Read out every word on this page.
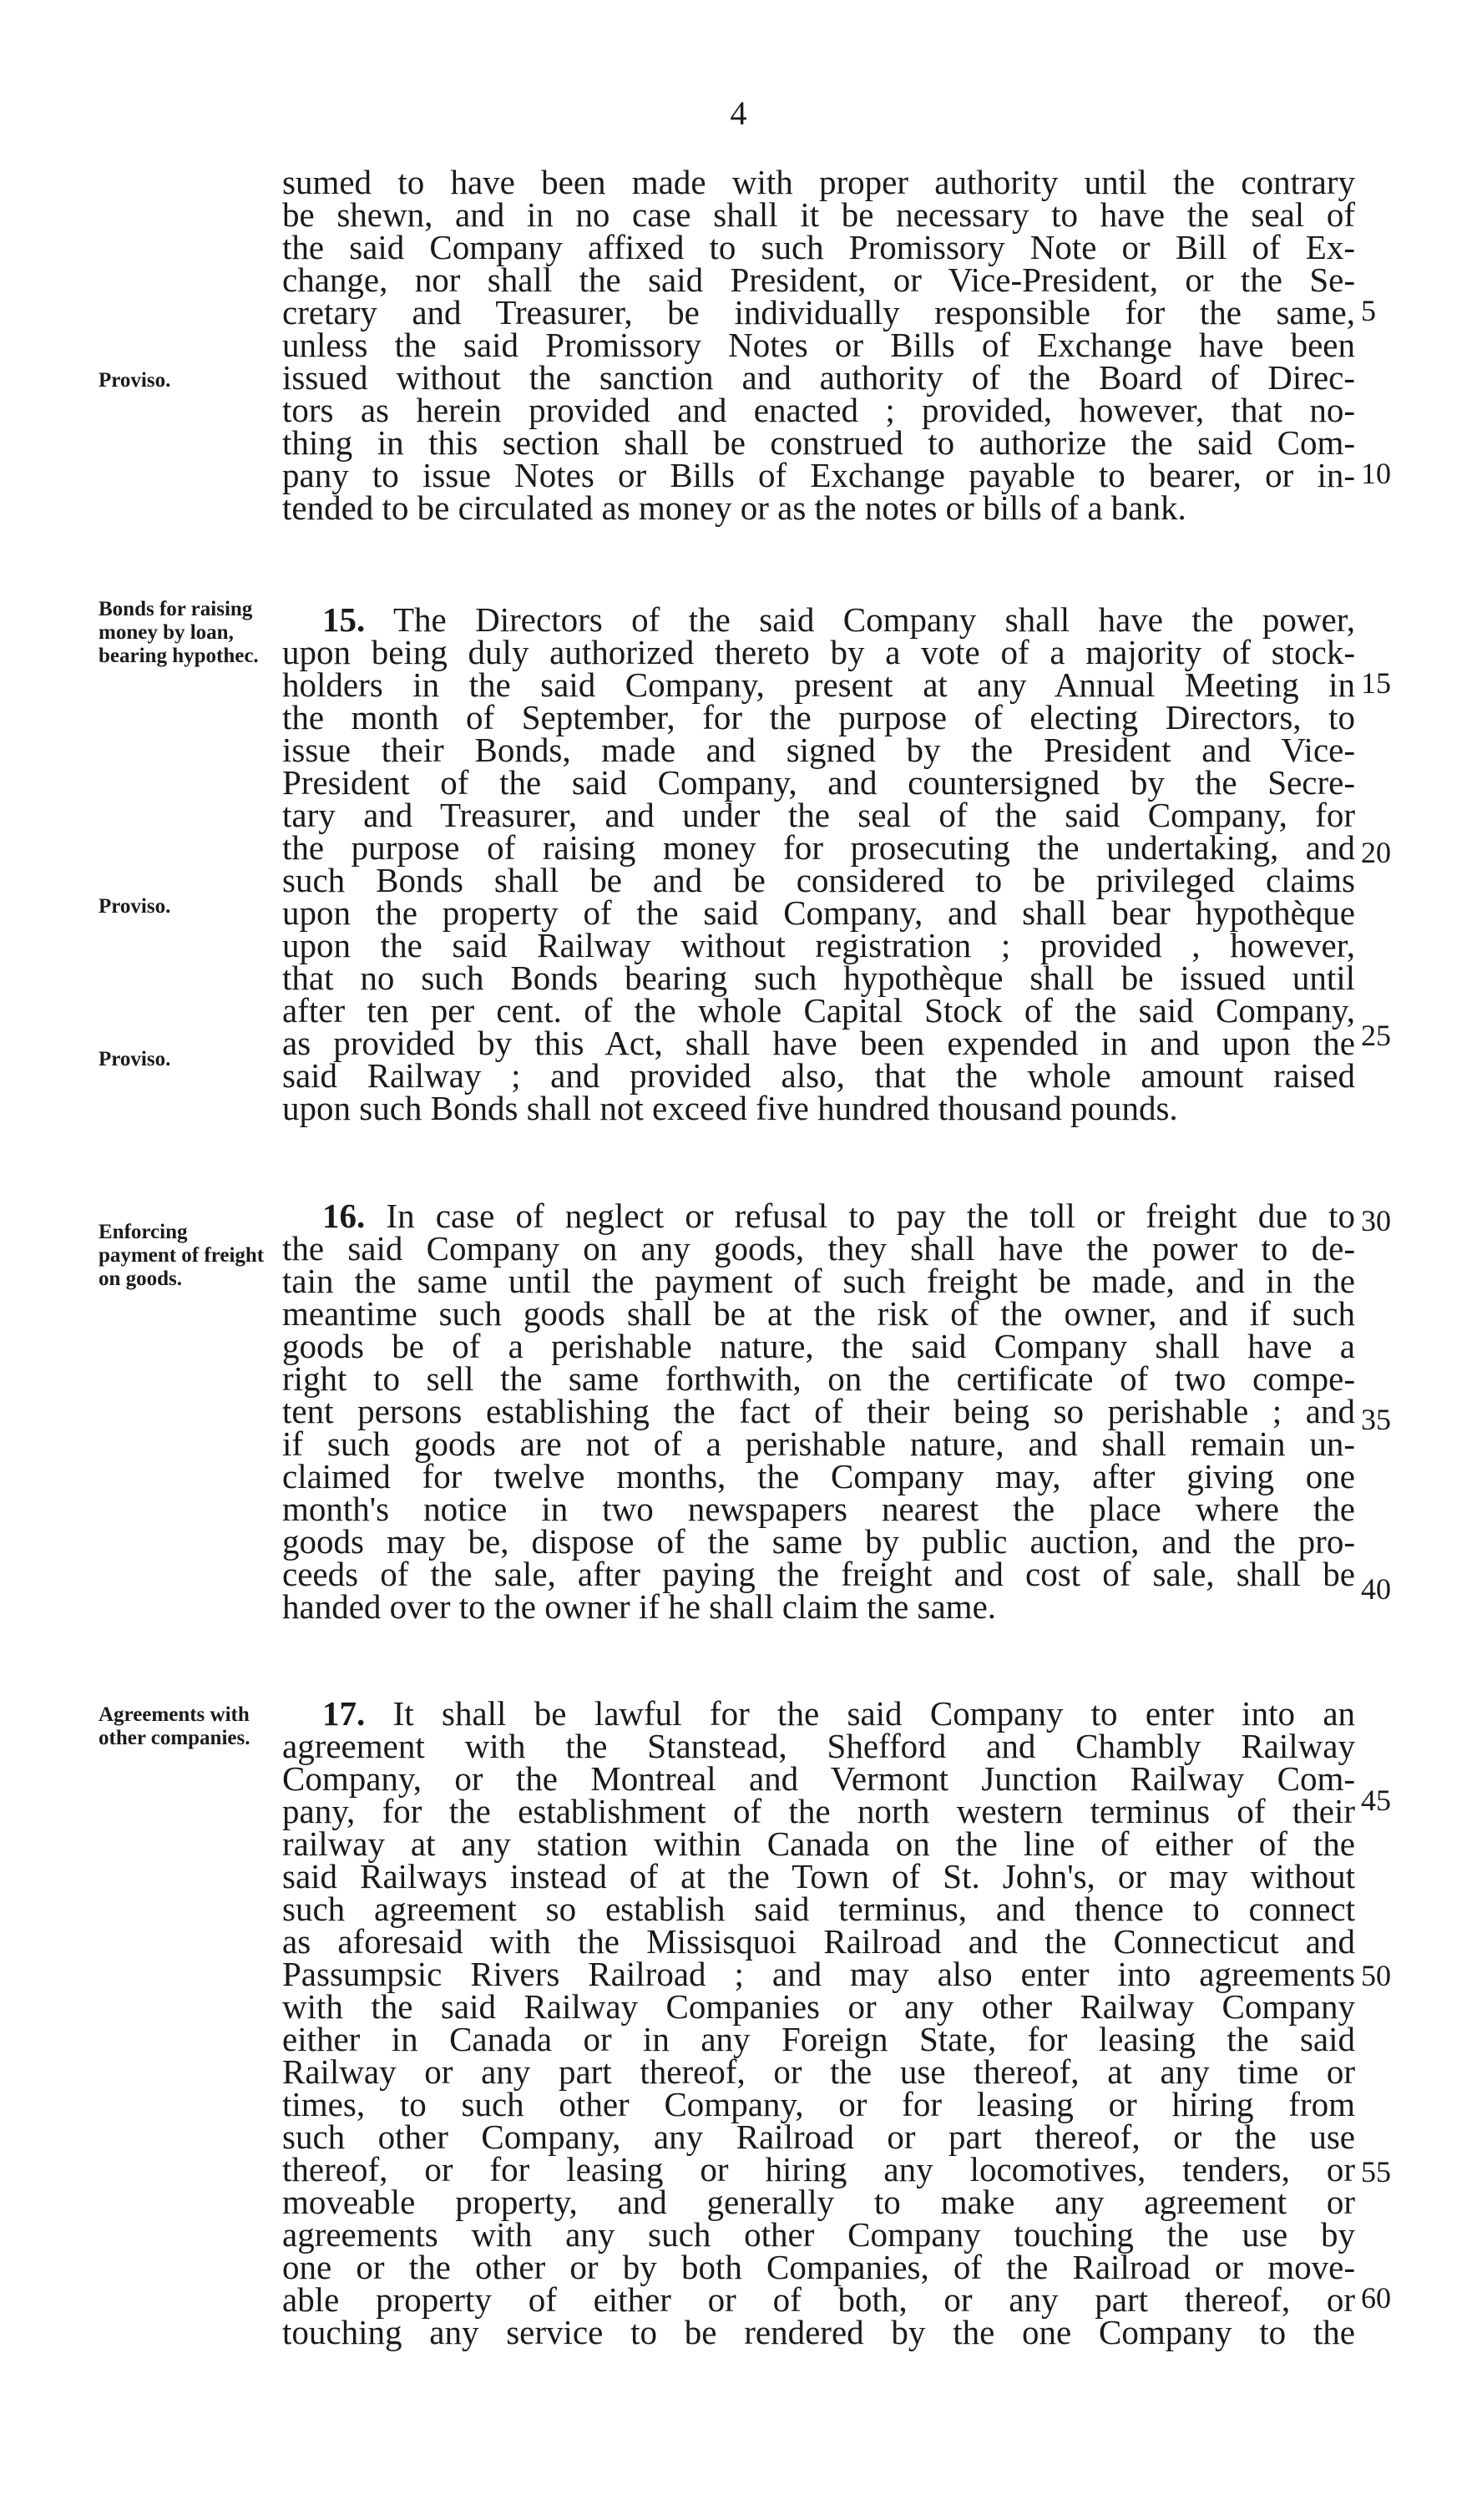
4
sumed to have been made with proper authority until the contrary
be shewn, and in no case shall it be necessary to have the seal of
the said Company affixed to such Promissory Note or Bill of Ex-
change, nor shall the said President, or Vice-President, or the Se-
cretary and Treasurer, be individually responsible for the same,
unless the said Promissory Notes or Bills of Exchange have been
issued without the sanction and authority of the Board of Direc-
tors as herein provided and enacted ; provided, however, that no-
thing in this section shall be construed to authorize the said Com-
pany to issue Notes or Bills of Exchange payable to bearer, or in-
tended to be circulated as money or as the notes or bills of a bank.
15. The Directors of the said Company shall have the power,
upon being duly authorized thereto by a vote of a majority of stock-
holders in the said Company, present at any Annual Meeting in
the month of September, for the purpose of electing Directors, to
issue their Bonds, made and signed by the President and Vice-
President of the said Company, and countersigned by the Secre-
tary and Treasurer, and under the seal of the said Company, for
the purpose of raising money for prosecuting the undertaking, and
such Bonds shall be and be considered to be privileged claims
upon the property of the said Company, and shall bear hypothèque
upon the said Railway without registration ; provided , however,
that no such Bonds bearing such hypothèque shall be issued until
after ten per cent. of the whole Capital Stock of the said Company,
as provided by this Act, shall have been expended in and upon the
said Railway ; and provided also, that the whole amount raised
upon such Bonds shall not exceed five hundred thousand pounds.
16. In case of neglect or refusal to pay the toll or freight due to
the said Company on any goods, they shall have the power to de-
tain the same until the payment of such freight be made, and in the
meantime such goods shall be at the risk of the owner, and if such
goods be of a perishable nature, the said Company shall have a
right to sell the same forthwith, on the certificate of two compe-
tent persons establishing the fact of their being so perishable ; and
if such goods are not of a perishable nature, and shall remain un-
claimed for twelve months, the Company may, after giving one
month's notice in two newspapers nearest the place where the
goods may be, dispose of the same by public auction, and the pro-
ceeds of the sale, after paying the freight and cost of sale, shall be
handed over to the owner if he shall claim the same.
17. It shall be lawful for the said Company to enter into an
agreement with the Stanstead, Shefford and Chambly Railway
Company, or the Montreal and Vermont Junction Railway Com-
pany, for the establishment of the north western terminus of their
railway at any station within Canada on the line of either of the
said Railways instead of at the Town of St. John's, or may without
such agreement so establish said terminus, and thence to connect
as aforesaid with the Missisquoi Railroad and the Connecticut and
Passumpsic Rivers Railroad ; and may also enter into agreements
with the said Railway Companies or any other Railway Company
either in Canada or in any Foreign State, for leasing the said
Railway or any part thereof, or the use thereof, at any time or
times, to such other Company, or for leasing or hiring from
such other Company, any Railroad or part thereof, or the use
thereof, or for leasing or hiring any locomotives, tenders, or
moveable property, and generally to make any agreement or
agreements with any such other Company touching the use by
one or the other or by both Companies, of the Railroad or move-
able property of either or of both, or any part thereof, or
touching any service to be rendered by the one Company to the
Proviso.
Bonds for raising money by loan, bearing hypothec.
Proviso.
Proviso.
Enforcing payment of freight on goods.
Agreements with other companies.
5
10
15
20
25
30
35
40
45
50
55
60
